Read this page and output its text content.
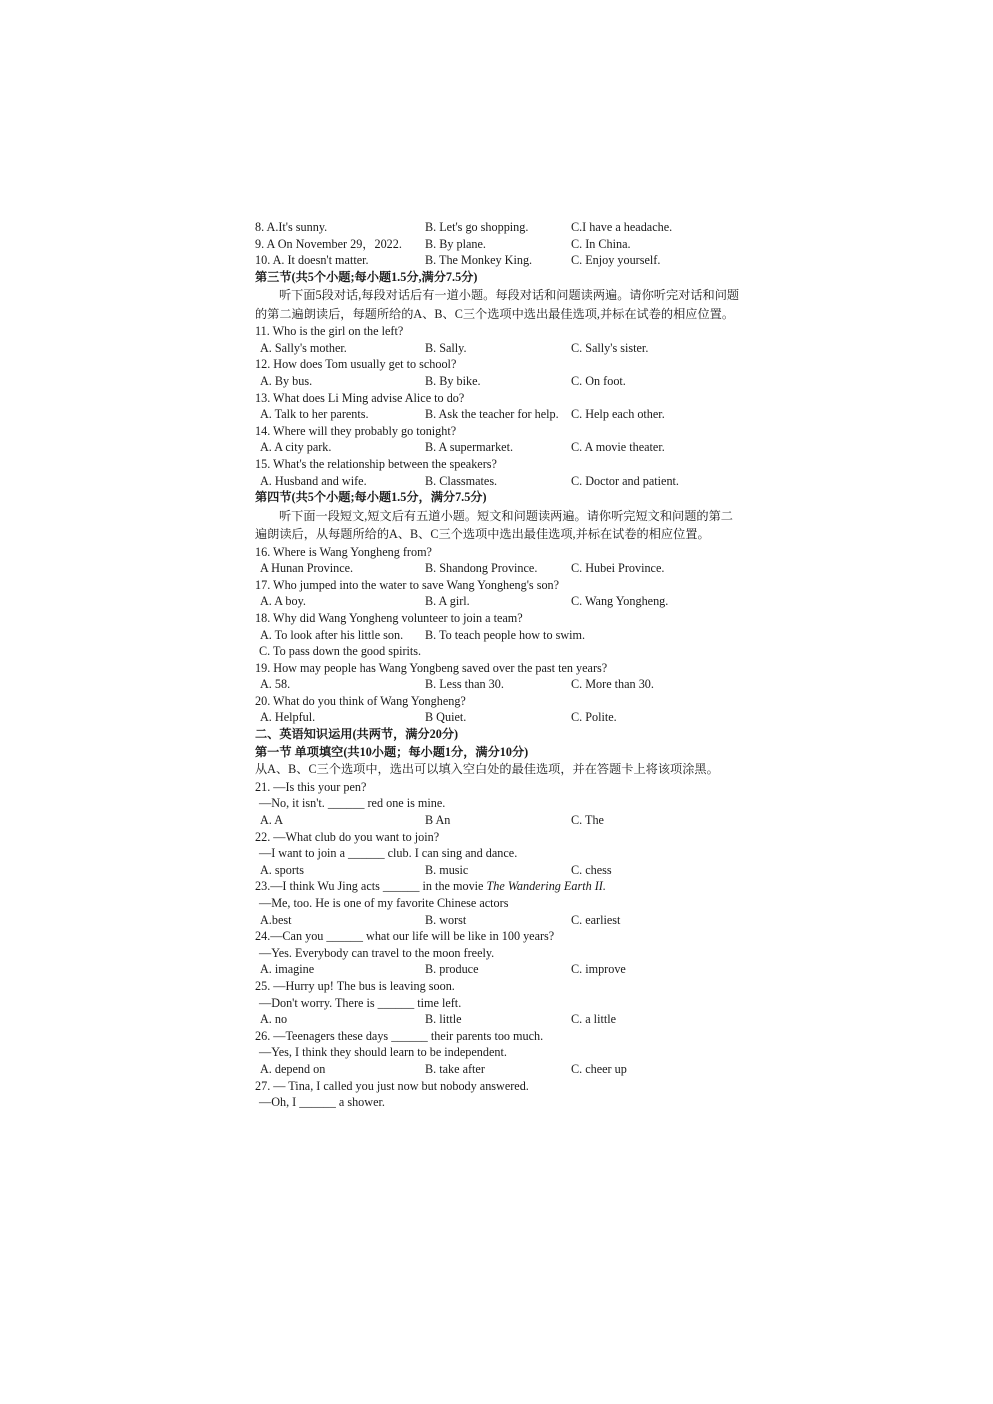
8. A.It's sunny.	B. Let's go shopping.	C.I have a headache.
9. A On November 29，2022. B. By plane.	C. In China.
10. A. It doesn't matter.	B. The Monkey King.	C. Enjoy yourself.
第三节(共5个小题;每小题1.5分,满分7.5分)

听下面5段对话,每段对话后有一道小题。每段对话和问题读两遍。请你听完对话和问题的第二遍朗读后，每题所给的A、B、C三个选项中选出最佳选项,并标在试卷的相应位置。

11. Who is the girl on the left?
A. Sally's mother.	B. Sally.	C. Sally's sister.
12. How does Tom usually get to school?
A. By bus.	B. By bike.	C. On foot.
13. What does Li Ming advise Alice to do?
A. Talk to her parents.	B. Ask the teacher for help. C. Help each other.
14. Where will they probably go tonight?
A. A city park.	B. A supermarket.	C. A movie theater.
15. What's the relationship between the speakers?
A. Husband and wife.	B. Classmates.	C. Doctor and patient.
第四节(共5个小题;每小题1.5分，满分7.5分)

听下面一段短文,短文后有五道小题。短文和问题读两遍。请你听完短文和问题的第二遍朗读后，从每题所给的A、B、C三个选项中选出最佳选项,并标在试卷的相应位置。

16. Where is Wang Yongheng from?
A Hunan Province.	B. Shandong Province.	C. Hubei Province.
17. Who jumped into the water to save Wang Yongheng's son?
A. A boy.	B. A girl.	C. Wang Yongheng.
18. Why did Wang Yongheng volunteer to join a team?
A. To look after his little son. B. To teach people how to swim.
C. To pass down the good spirits.
19. How may people has Wang Yongbeng saved over the past ten years?
A. 58.	B. Less than 30.	C. More than 30.
20. What do you think of Wang Yongheng?
A. Helpful.	B Quiet.	C. Polite.
二、英语知识运用(共两节，满分20分)
第一节 单项填空(共10小题；每小题1分，满分10分)

从A、B、C三个选项中，选出可以填入空白处的最佳选项，并在答题卡上将该项涂黑。

21. —Is this your pen?
—No, it isn't. ______ red one is mine.
A. A	B An	C. The
22. —What club do you want to join?
—I want to join a ______ club. I can sing and dance.
A. sports	B. music	C. chess
23.—I think Wu Jing acts ______ in the movie The Wandering Earth II.
—Me, too. He is one of my favorite Chinese actors
A.best	B. worst	C. earliest
24.—Can you ______ what our life will be like in 100 years?
—Yes. Everybody can travel to the moon freely.
A. imagine	B. produce	C. improve
25. —Hurry up! The bus is leaving soon.
—Don't worry. There is ______ time left.
A. no	B. little	C. a little
26. —Teenagers these days ______ their parents too much.
—Yes, I think they should learn to be independent.
A. depend on	B. take after	C. cheer up
27. — Tina, I called you just now but nobody answered.
—Oh, I ______ a shower.
